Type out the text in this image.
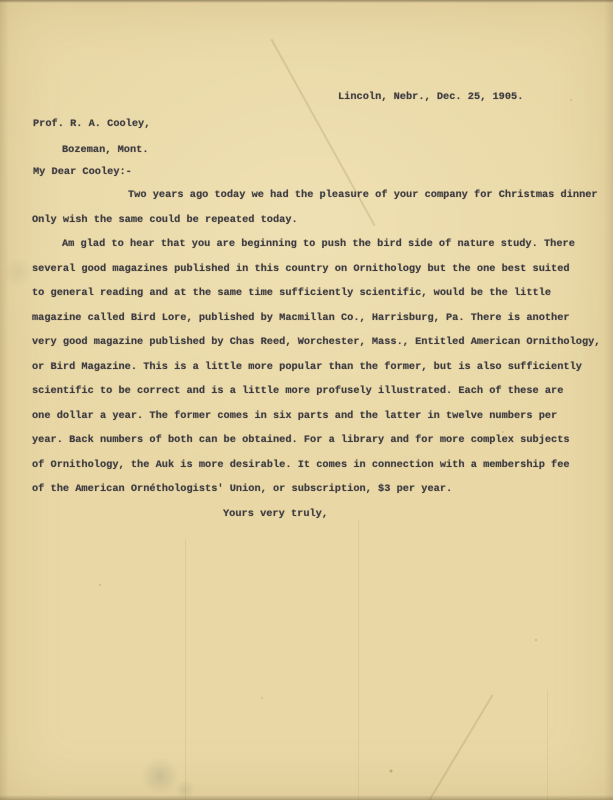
Lincoln, Nebr., Dec. 25, 1905.
Prof. R. A. Cooley,
Bozeman, Mont.
My Dear Cooley:-
Two years ago today we had the pleasure of your company for Christmas dinner
Only wish the same could be repeated today.
Am glad to hear that you are beginning to push the bird side of nature study. There
several good magazines published in this country on Ornithology but the one best suited
to general reading and at the same time sufficiently scientific, would be the little
magazine called Bird Lore, published by Macmillan Co., Harrisburg, Pa. There is another
very good magazine published by Chas Reed, Worchester, Mass., Entitled American Ornithology,
or Bird Magazine. This is a little more popular than the former, but is also sufficiently
scientific to be correct and is a little more profusely illustrated. Each of these are
one dollar a year. The former comes in six parts and the latter in twelve numbers per
year. Back numbers of both can be obtained. For a library and for more complex subjects
of Ornithology, the Auk is more desirable. It comes in connection with a membership fee
of the American Ornéthologists' Union, or subscription, $3 per year.
Yours very truly,
